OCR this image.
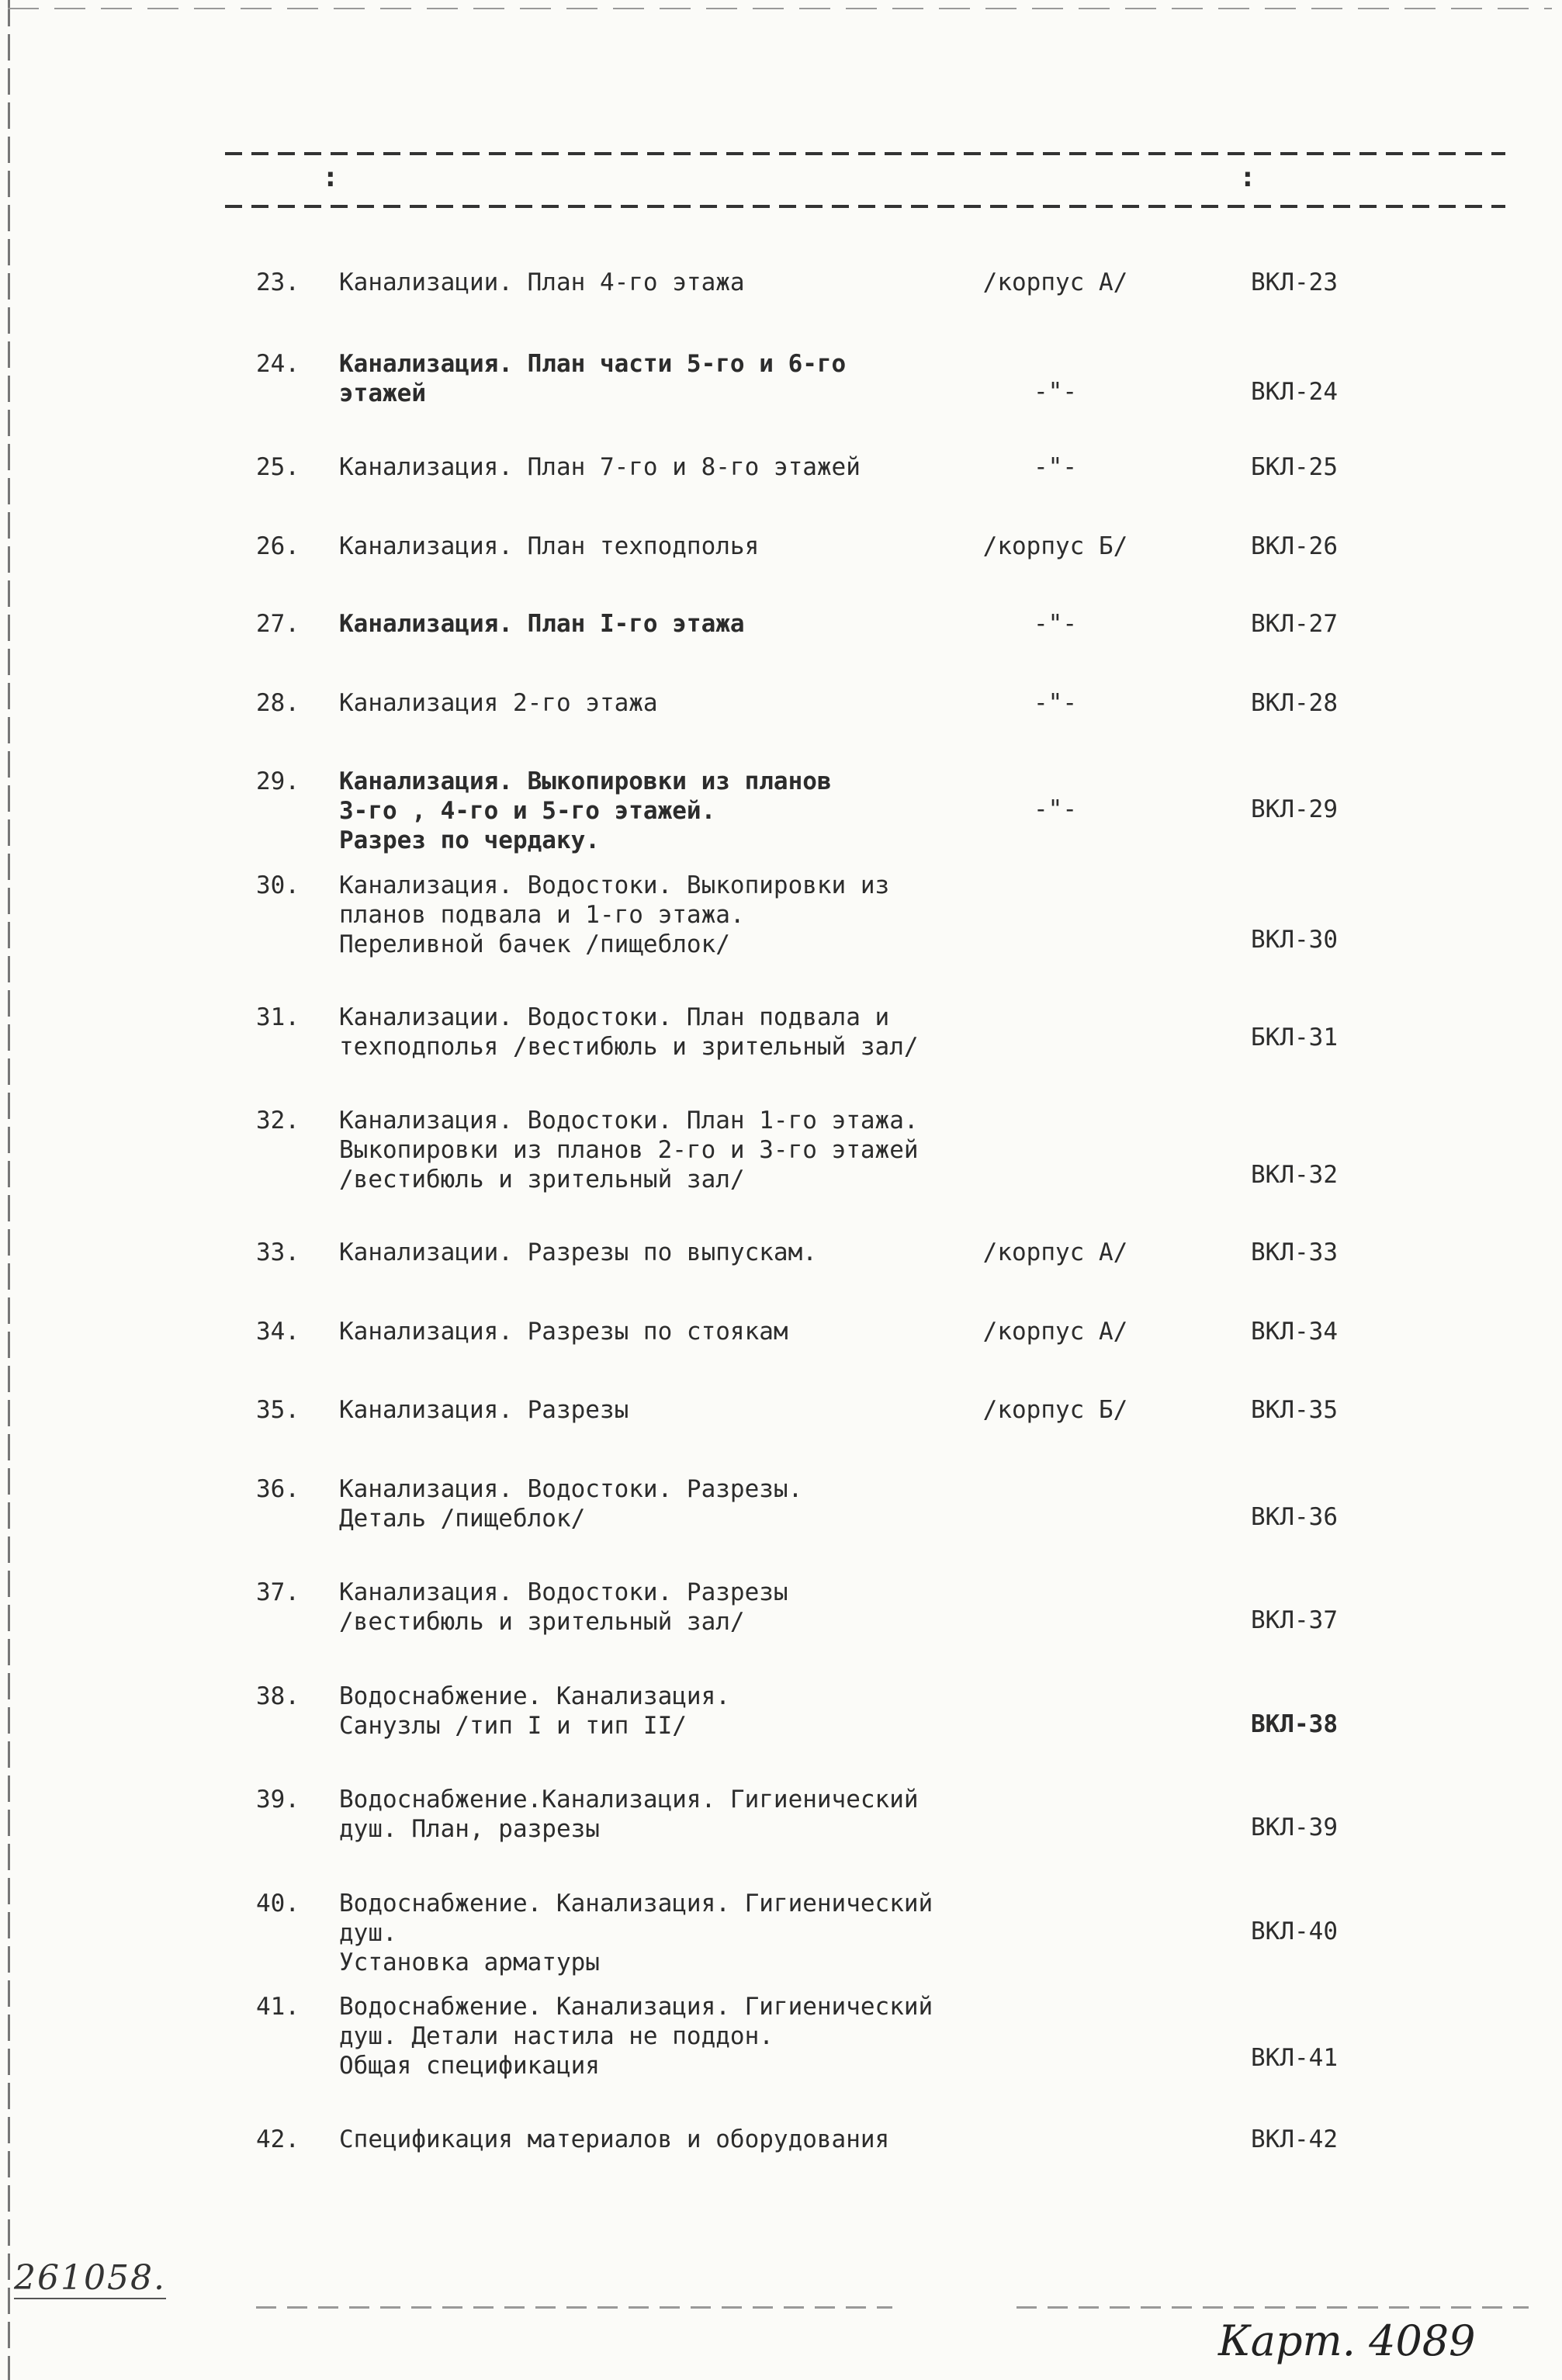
:	:
23.	Канализации. План 4-го этажа	/корпус А/	ВКЛ-23
24.	Канализация. План части 5-го и 6-го
этажей	-"-	ВКЛ-24
25.	Канализация. План 7-го и 8-го этажей	-"-	БКЛ-25
26.	Канализация. План техподполья	/корпус Б/	ВКЛ-26
27.	Канализация. План I-го этажа	-"-	ВКЛ-27
28.	Канализация 2-го этажа	-"-	ВКЛ-28
29.	Канализация. Выкопировки из планов
3-го , 4-го и 5-го этажей.
Разрез по чердаку.
-"-	ВКЛ-29
30.	Канализация. Водостоки. Выкопировки из
планов подвала и 1-го этажа.
Переливной бачек /пищеблок/	ВКЛ-30
31.	Канализации. Водостоки. План подвала и
техподполья /вестибюль и зрительный зал/	БКЛ-31
32.	Канализация. Водостоки. План 1-го этажа.
Выкопировки из планов 2-го и 3-го этажей
/вестибюль и зрительный зал/	ВКЛ-32
33.	Канализации. Разрезы по выпускам.	/корпус А/	ВКЛ-33
34.	Канализация. Разрезы по стоякам	/корпус А/	ВКЛ-34
35.	Канализация. Разрезы	/корпус Б/	ВКЛ-35
36.	Канализация. Водостоки. Разрезы.
Деталь /пищеблок/	ВКЛ-36
37.	Канализация. Водостоки. Разрезы
/вестибюль и зрительный зал/	ВКЛ-37
38.	Водоснабжение. Канализация.
Санузлы /тип I и тип II/	ВКЛ-38
39.	Водоснабжение.Канализация. Гигиенический
душ. План, разрезы	ВКЛ-39
40.	Водоснабжение. Канализация. Гигиенический душ.
Установка арматуры
ВКЛ-40
41.	Водоснабжение. Канализация. Гигиенический
душ. Детали настила не поддон.
Общая спецификация	ВКЛ-41
42.	Спецификация материалов и оборудования	ВКЛ-42
261058.
Карт. 4089
